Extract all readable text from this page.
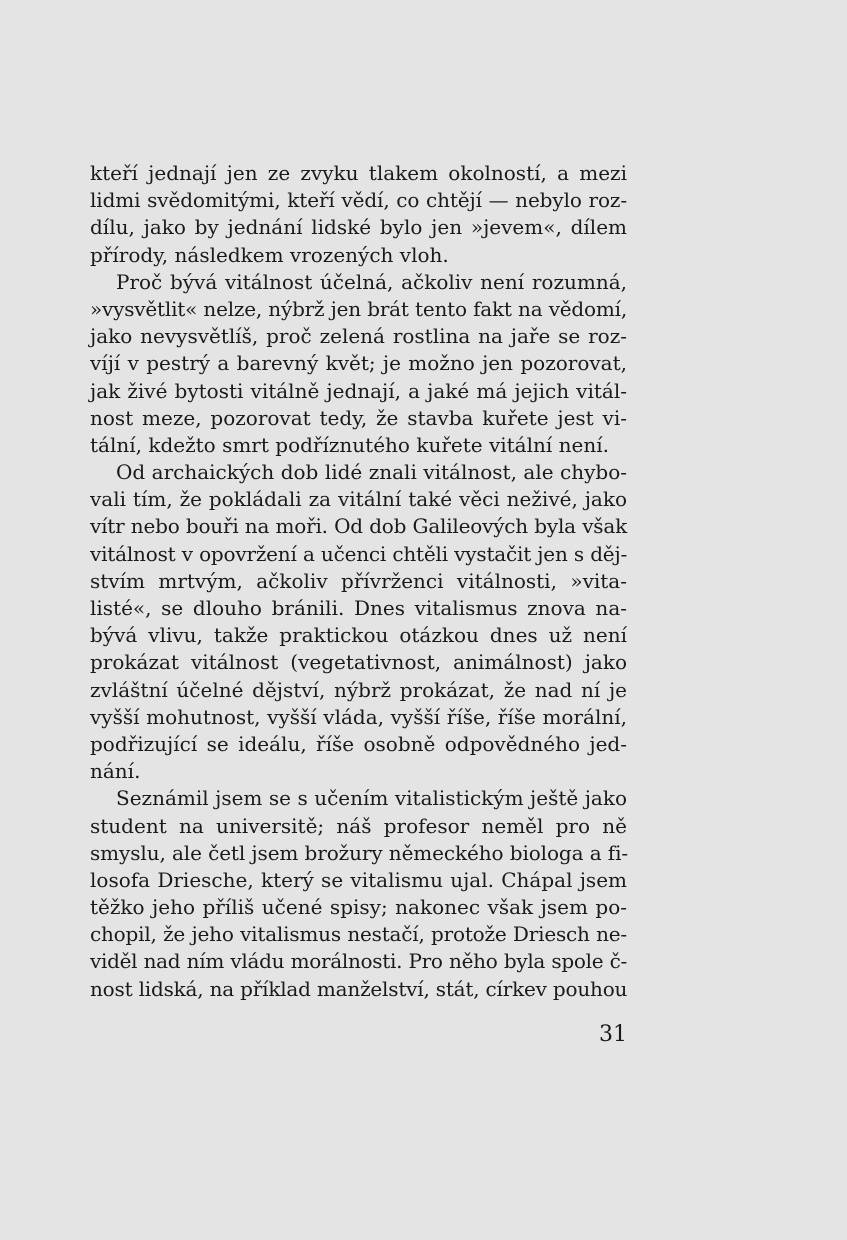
kteří jednají jen ze zvyku tlakem okolností, a mezi
lidmi svědomitými, kteří vědí, co chtějí — nebylo roz‐
dílu, jako by jednání lidské bylo jen »jevem«, dílem
přírody, následkem vrozených vloh.
Proč bývá vitálnost účelná, ačkoliv není rozumná,
»vysvětlit« nelze, nýbrž jen brát tento fakt na vědomí,
jako nevysvětlíš, proč zelená rostlina na jaře se roz‐
víjí v pestrý a barevný květ; je možno jen pozorovat,
jak živé bytosti vitálně jednají, a jaké má jejich vitál‐
nost meze, pozorovat tedy, že stavba kuřete jest vi‐
tální, kdežto smrt podříznutého kuřete vitální není.
Od archaických dob lidé znali vitálnost, ale chybo‐
vali tím, že pokládali za vitální také věci neživé, jako
vítr nebo bouři na moři. Od dob Galileových byla však
vitálnost v opovržení a učenci chtěli vystačit jen s děj‐
stvím mrtvým, ačkoliv přívrženci vitálnosti, »vita‐
listé«, se dlouho bránili. Dnes vitalismus znova na‐
bývá vlivu, takže praktickou otázkou dnes už není
prokázat vitálnost (vegetativnost, animálnost) jako
zvláštní účelné dějství, nýbrž prokázat, že nad ní je
vyšší mohutnost, vyšší vláda, vyšší říše, říše morální,
podřizující se ideálu, říše osobně odpovědného jed‐
nání.
Seznámil jsem se s učením vitalistickým ještě jako
student na universitě; náš profesor neměl pro ně
smyslu, ale četl jsem brožury německého biologa a fi‐
losofa Driesche, který se vitalismu ujal. Chápal jsem
těžko jeho příliš učené spisy; nakonec však jsem po‐
chopil, že jeho vitalismus nestačí, protože Driesch ne‐
viděl nad ním vládu morálnosti. Pro něho byla spole č‐
nost lidská, na příklad manželství, stát, církev pouhou
31
